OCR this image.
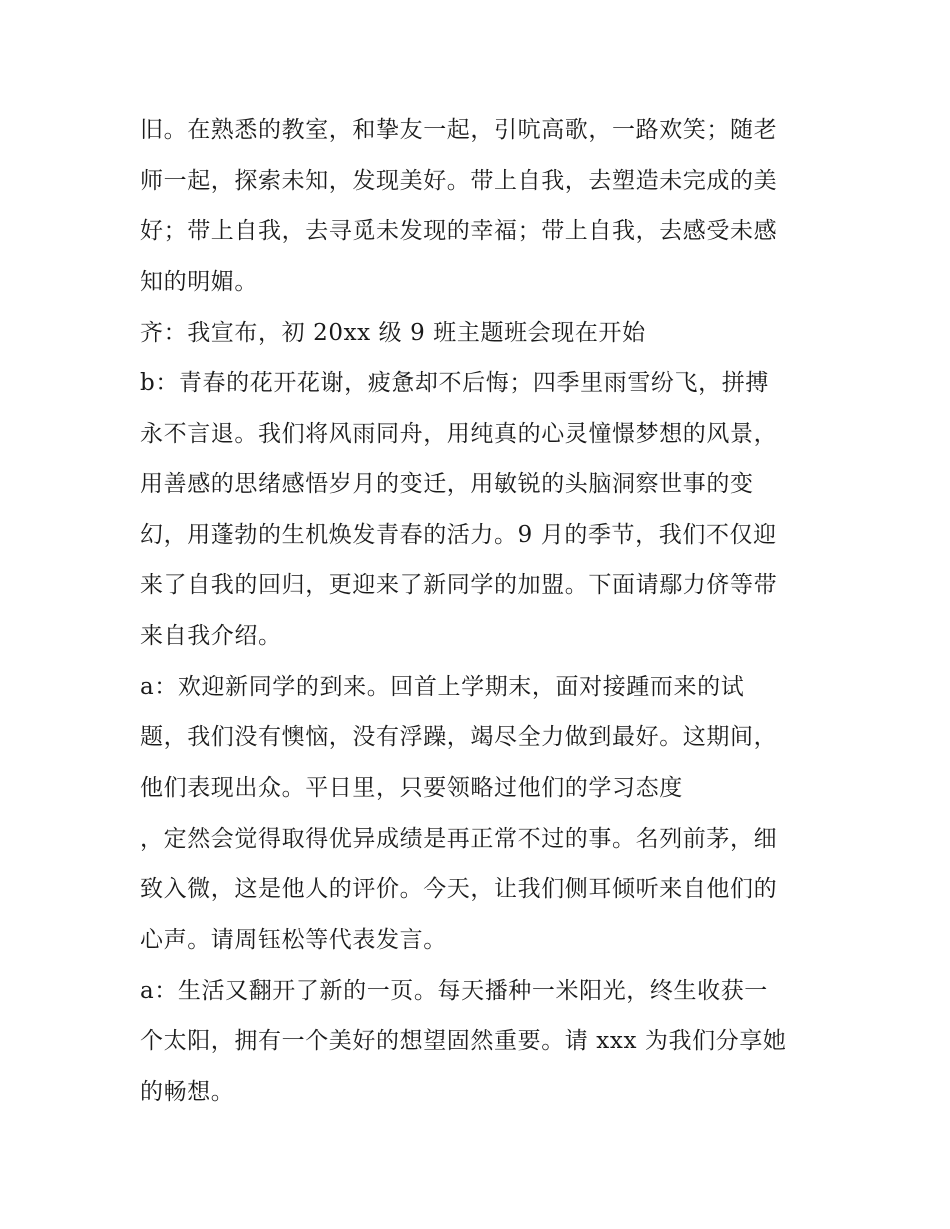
旧。在熟悉的教室，和挚友一起，引吭高歌，一路欢笑；随老
师一起，探索未知，发现美好。带上自我，去塑造未完成的美
好；带上自我，去寻觅未发现的幸福；带上自我，去感受未感
知的明媚。
齐：我宣布，初 20xx 级 9 班主题班会现在开始
b：青春的花开花谢，疲惫却不后悔；四季里雨雪纷飞，拼搏
永不言退。我们将风雨同舟，用纯真的心灵憧憬梦想的风景，
用善感的思绪感悟岁月的变迁，用敏锐的头脑洞察世事的变
幻，用蓬勃的生机焕发青春的活力。9 月的季节，我们不仅迎
来了自我的回归，更迎来了新同学的加盟。下面请鄢力侪等带
来自我介绍。
a：欢迎新同学的到来。回首上学期末，面对接踵而来的试
题，我们没有懊恼，没有浮躁，竭尽全力做到最好。这期间，
他们表现出众。平日里，只要领略过他们的学习态度
，定然会觉得取得优异成绩是再正常不过的事。名列前茅，细
致入微，这是他人的评价。今天，让我们侧耳倾听来自他们的
心声。请周钰松等代表发言。
a：生活又翻开了新的一页。每天播种一米阳光，终生收获一
个太阳，拥有一个美好的想望固然重要。请 xxx 为我们分享她
的畅想。
